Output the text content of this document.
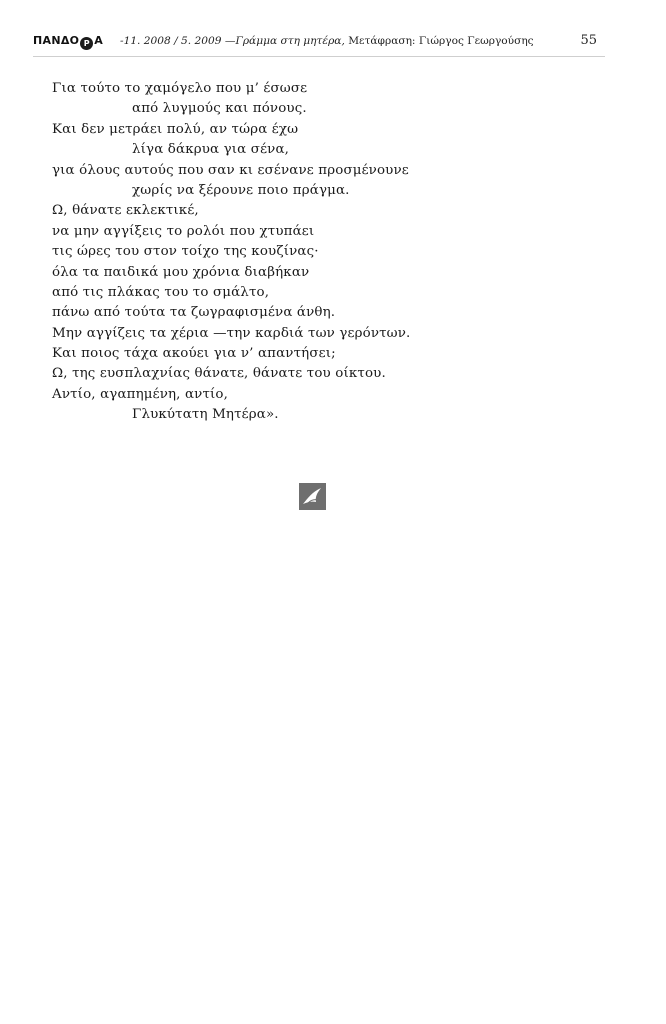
ΠΑΝΔΟ Ρ Α -11. 2008 / 5. 2009 —Γράμμα στη μητέρα, Μετάφραση: Γιώργος Γεωργούσης	55
Για τούτο το χαμόγελο που μ’ έσωσε
από λυγμούς και πόνους.
Και δεν μετράει πολύ, αν τώρα έχω
λίγα δάκρυα για σένα,
για όλους αυτούς που σαν κι εσένανε προσμένουνε
χωρίς να ξέρουνε ποιο πράγμα.
Ω, θάνατε εκλεκτικέ,
να μην αγγίξεις το ρολόι που χτυπάει
τις ώρες του στον τοίχο της κουζίνας·
όλα τα παιδικά μου χρόνια διαβήκαν
από τις πλάκας του το σμάλτο,
πάνω από τούτα τα ζωγραφισμένα άνθη.
Μην αγγίζεις τα χέρια —την καρδιά των γερόντων.
Και ποιος τάχα ακούει για ν’ απαντήσει;
Ω, της ευσπλαχνίας θάνατε, θάνατε του οίκτου.
Αντίο, αγαπημένη, αντίο,
Γλυκύτατη Μητέρα».
